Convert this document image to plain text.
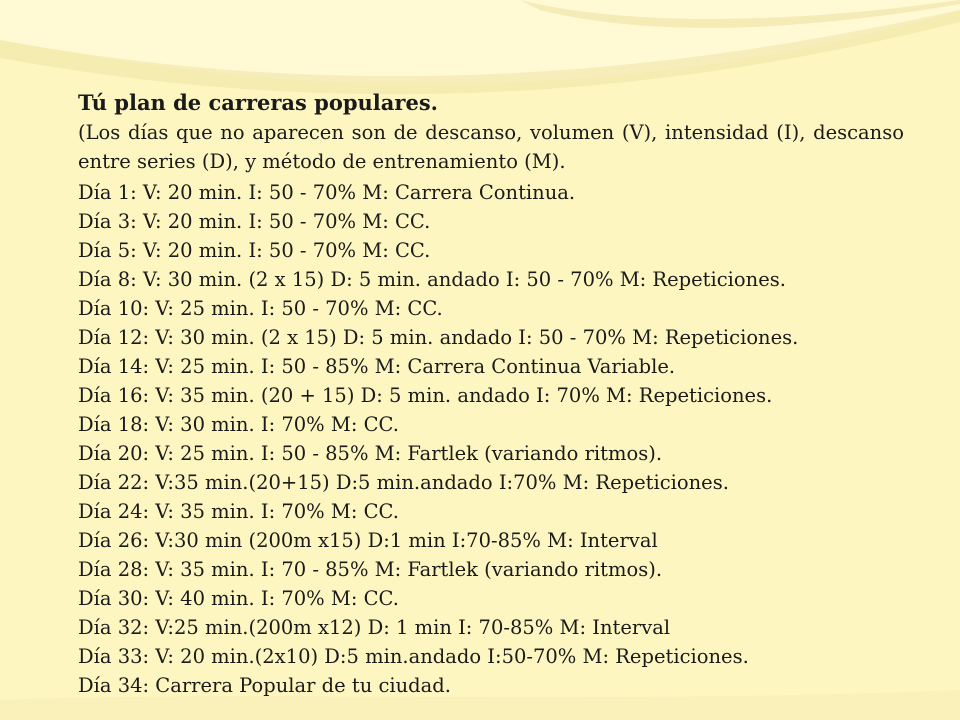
Tú plan de carreras populares.
(Los días que no aparecen son de descanso, volumen (V), intensidad (I), descanso entre series (D), y método de entrenamiento (M).
Día 1: V: 20 min. I: 50 - 70% M: Carrera Continua.
Día 3: V: 20 min. I: 50 - 70% M: CC.
Día 5: V: 20 min. I: 50 - 70% M: CC.
Día 8: V: 30 min. (2 x 15) D: 5 min. andado I: 50 - 70% M: Repeticiones.
Día 10: V: 25 min. I: 50 - 70% M: CC.
Día 12: V: 30 min. (2 x 15) D: 5 min. andado I: 50 - 70% M: Repeticiones.
Día 14: V: 25 min. I: 50 - 85% M: Carrera Continua Variable.
Día 16: V: 35 min. (20 + 15) D: 5 min. andado I: 70% M: Repeticiones.
Día 18: V: 30 min. I: 70% M: CC.
Día 20: V: 25 min. I: 50 - 85% M: Fartlek (variando ritmos).
Día 22: V:35 min.(20+15) D:5 min.andado I:70% M: Repeticiones.
Día 24: V: 35 min. I: 70% M: CC.
Día 26: V:30 min (200m x15) D:1 min I:70-85% M: Interval
Día 28: V: 35 min. I: 70 - 85% M: Fartlek (variando ritmos).
Día 30: V: 40 min. I: 70% M: CC.
Día 32: V:25 min.(200m x12) D: 1 min I: 70-85% M: Interval
Día 33: V: 20 min.(2x10) D:5 min.andado I:50-70% M: Repeticiones.
Día 34: Carrera Popular de tu ciudad.
